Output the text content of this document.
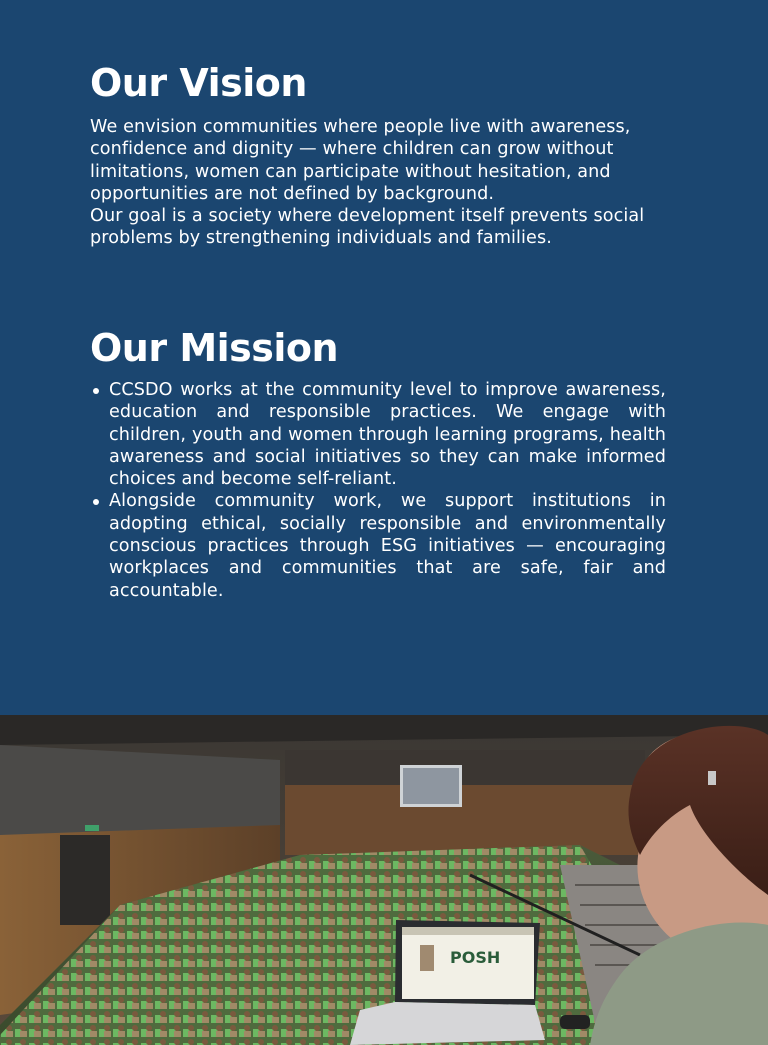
Our Vision

We envision communities where people live with awareness, confidence and dignity — where children can grow without limitations, women can participate without hesitation, and opportunities are not defined by background.
Our goal is a society where development itself prevents social problems by strengthening individuals and families.

Our Mission
CCSDO works at the community level to improve awareness, education and responsible practices. We engage with children, youth and women through learning programs, health awareness and social initiatives so they can make informed choices and become self-reliant.
Alongside community work, we support institutions in adopting ethical, socially responsible and environmentally conscious practices through ESG initiatives — encouraging workplaces and communities that are safe, fair and accountable.
POSH
